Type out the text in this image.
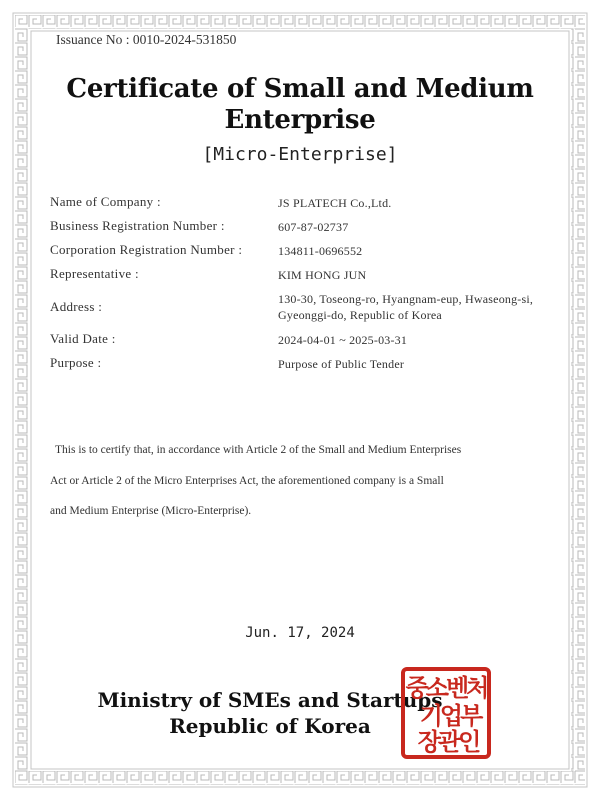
Issuance No : 0010-2024-531850
Certificate of Small and Medium
Enterprise
[Micro-Enterprise]
Name of Company :	JS PLATECH Co.,Ltd.
Business Registration Number :	607-87-02737
Corporation Registration Number :	134811-0696552
Representative :	KIM HONG JUN
Address :	130-30, Toseong-ro, Hyangnam-eup, Hwaseong-si, Gyeonggi-do, Republic of Korea
Valid Date :	2024-04-01 ~ 2025-03-31
Purpose :	Purpose of Public Tender
This is to certify that, in accordance with Article 2 of the Small and Medium Enterprises
Act or Article 2 of the Micro Enterprises Act, the aforementioned company is a Small
and Medium Enterprise (Micro-Enterprise).
Jun. 17, 2024
Ministry of SMEs and Startups
Republic of Korea
중소벤처
기업부
장관인
